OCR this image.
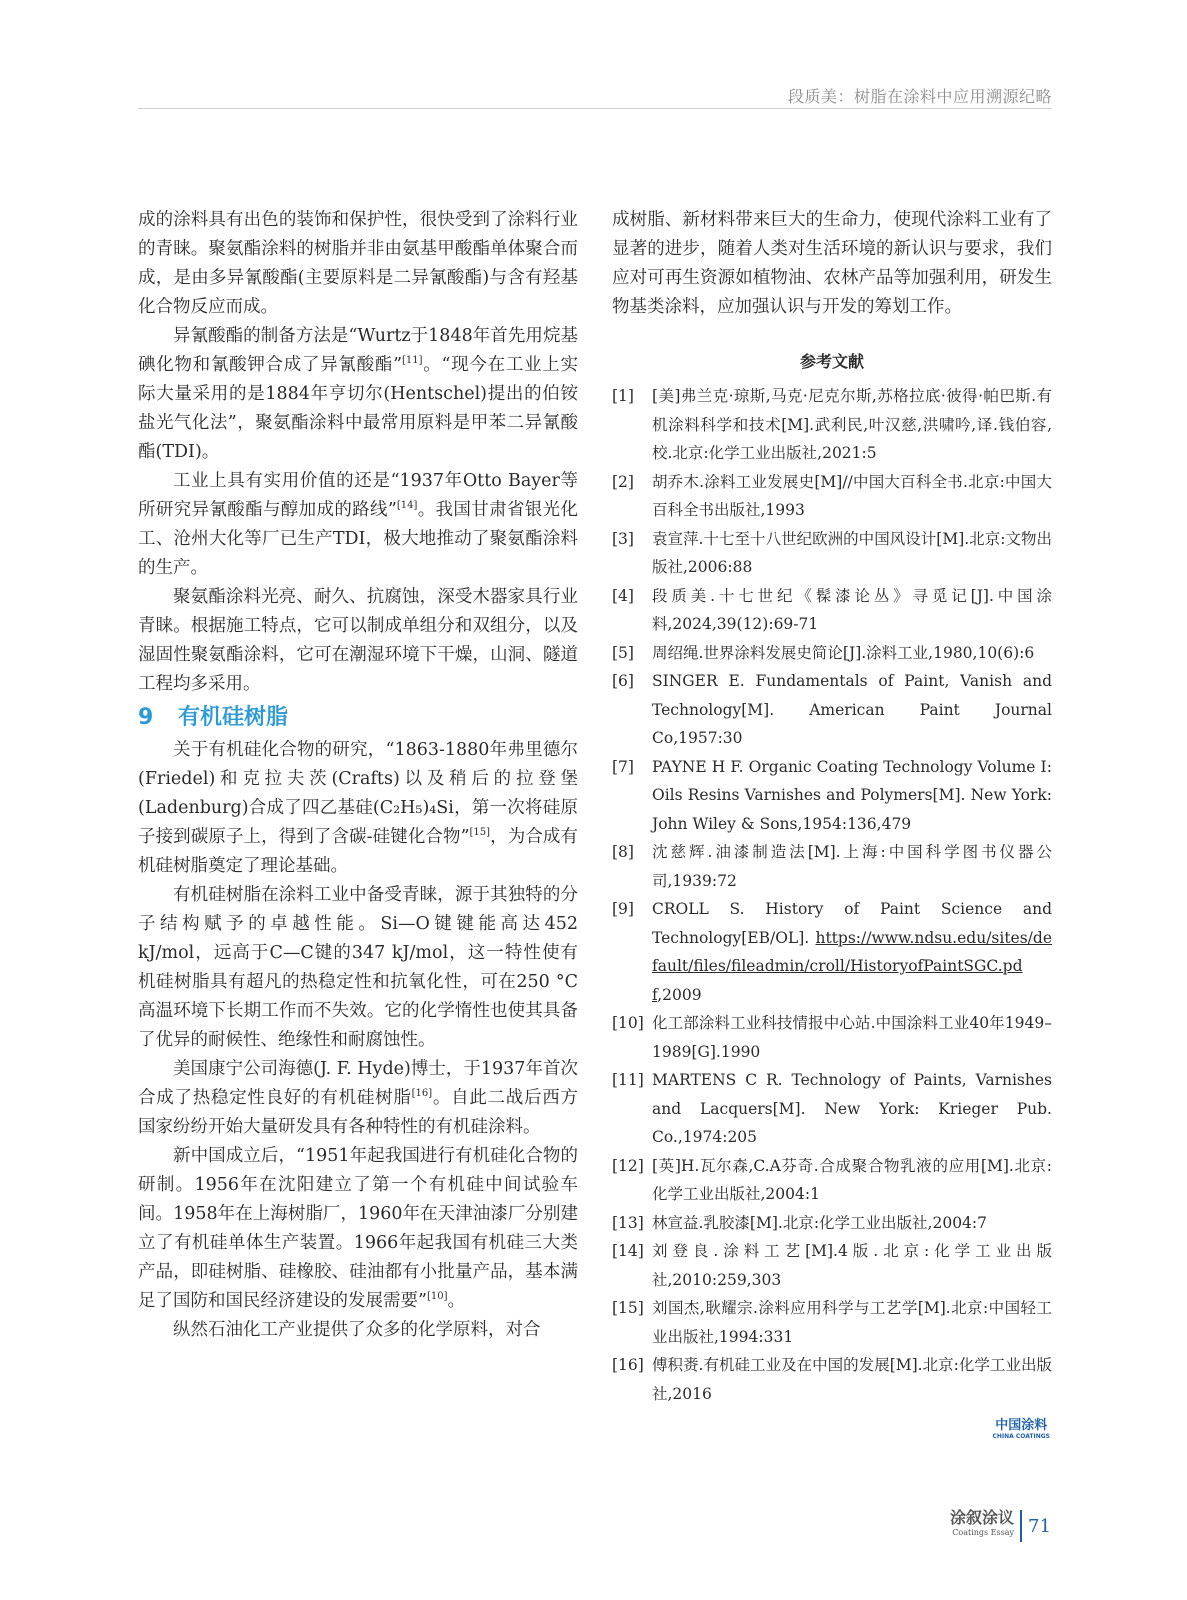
段质美：树脂在涂料中应用溯源纪略

成的涂料具有出色的装饰和保护性，很快受到了涂料行业的青睐。聚氨酯涂料的树脂并非由氨基甲酸酯单体聚合而成，是由多异氰酸酯(主要原料是二异氰酸酯)与含有羟基化合物反应而成。

异氰酸酯的制备方法是“Wurtz于1848年首先用烷基碘化物和氰酸钾合成了异氰酸酯”[11]。“现今在工业上实际大量采用的是1884年亨切尔(Hentschel)提出的伯铵盐光气化法”，聚氨酯涂料中最常用原料是甲苯二异氰酸酯(TDI)。

工业上具有实用价值的还是“1937年Otto Bayer等所研究异氰酸酯与醇加成的路线”[14]。我国甘肃省银光化工、沧州大化等厂已生产TDI，极大地推动了聚氨酯涂料的生产。

聚氨酯涂料光亮、耐久、抗腐蚀，深受木器家具行业青睐。根据施工特点，它可以制成单组分和双组分，以及湿固性聚氨酯涂料，它可在潮湿环境下干燥，山洞、隧道工程均多采用。

9 有机硅树脂

关于有机硅化合物的研究，“1863-1880年弗里德尔(Friedel)和克拉夫茨(Crafts)以及稍后的拉登堡(Ladenburg)合成了四乙基硅(C₂H₅)₄Si，第一次将硅原子接到碳原子上，得到了含碳-硅键化合物”[15]，为合成有机硅树脂奠定了理论基础。

有机硅树脂在涂料工业中备受青睐，源于其独特的分子结构赋予的卓越性能。Si—O键键能高达452 kJ/mol，远高于C—C键的347 kJ/mol，这一特性使有机硅树脂具有超凡的热稳定性和抗氧化性，可在250 °C高温环境下长期工作而不失效。它的化学惰性也使其具备了优异的耐候性、绝缘性和耐腐蚀性。

美国康宁公司海德(J. F. Hyde)博士，于1937年首次合成了热稳定性良好的有机硅树脂[16]。自此二战后西方国家纷纷开始大量研发具有各种特性的有机硅涂料。

新中国成立后，“1951年起我国进行有机硅化合物的研制。1956年在沈阳建立了第一个有机硅中间试验车间。1958年在上海树脂厂，1960年在天津油漆厂分别建立了有机硅单体生产装置。1966年起我国有机硅三大类产品，即硅树脂、硅橡胶、硅油都有小批量产品，基本满足了国防和国民经济建设的发展需要”[10]。

纵然石油化工产业提供了众多的化学原料，对合

成树脂、新材料带来巨大的生命力，使现代涂料工业有了显著的进步，随着人类对生活环境的新认识与要求，我们应对可再生资源如植物油、农林产品等加强利用，研发生物基类涂料，应加强认识与开发的筹划工作。

参考文献
[1]	[美]弗兰克·琼斯,马克·尼克尔斯,苏格拉底·彼得·帕巴斯.有机涂料科学和技术[M].武利民,叶汉慈,洪啸吟,译.钱伯容,校.北京:化学工业出版社,2021:5
[2]	胡乔木.涂料工业发展史[M]//中国大百科全书.北京:中国大百科全书出版社,1993
[3]	袁宣萍.十七至十八世纪欧洲的中国风设计[M].北京:文物出版社,2006:88
[4]	段质美.十七世纪《髹漆论丛》寻觅记[J].中国涂料,2024,39(12):69-71
[5]	周绍绳.世界涂料发展史简论[J].涂料工业,1980,10(6):6
[6]	SINGER E. Fundamentals of Paint, Vanish and Technology[M]. American Paint Journal Co,1957:30
[7]	PAYNE H F. Organic Coating Technology Volume Ⅰ: Oils Resins Varnishes and Polymers[M]. New York: John Wiley & Sons,1954:136,479
[8]	沈慈辉.油漆制造法[M].上海:中国科学图书仪器公司,1939:72
[9]	CROLL S. History of Paint Science and Technology[EB/OL]. https://www.ndsu.edu/sites/default/files/fileadmin/croll/HistoryofPaintSGC.pdf,2009
[10] 化工部涂料工业科技情报中心站.中国涂料工业40年1949–1989[G].1990
[11] MARTENS C R. Technology of Paints, Varnishes and Lacquers[M]. New York: Krieger Pub. Co.,1974:205
[12] [英]H.瓦尔森,C.A芬奇.合成聚合物乳液的应用[M].北京:化学工业出版社,2004:1
[13] 林宣益.乳胶漆[M].北京:化学工业出版社,2004:7
[14] 刘登良.涂料工艺[M].4版.北京:化学工业出版社,2010:259,303
[15] 刘国杰,耿耀宗.涂料应用科学与工艺学[M].北京:中国轻工业出版社,1994:331
[16] 傅积赉.有机硅工业及在中国的发展[M].北京:化学工业出版社,2016
中国涂料
CHINA COATINGS
涂叙涂议
Coatings Essay 71
